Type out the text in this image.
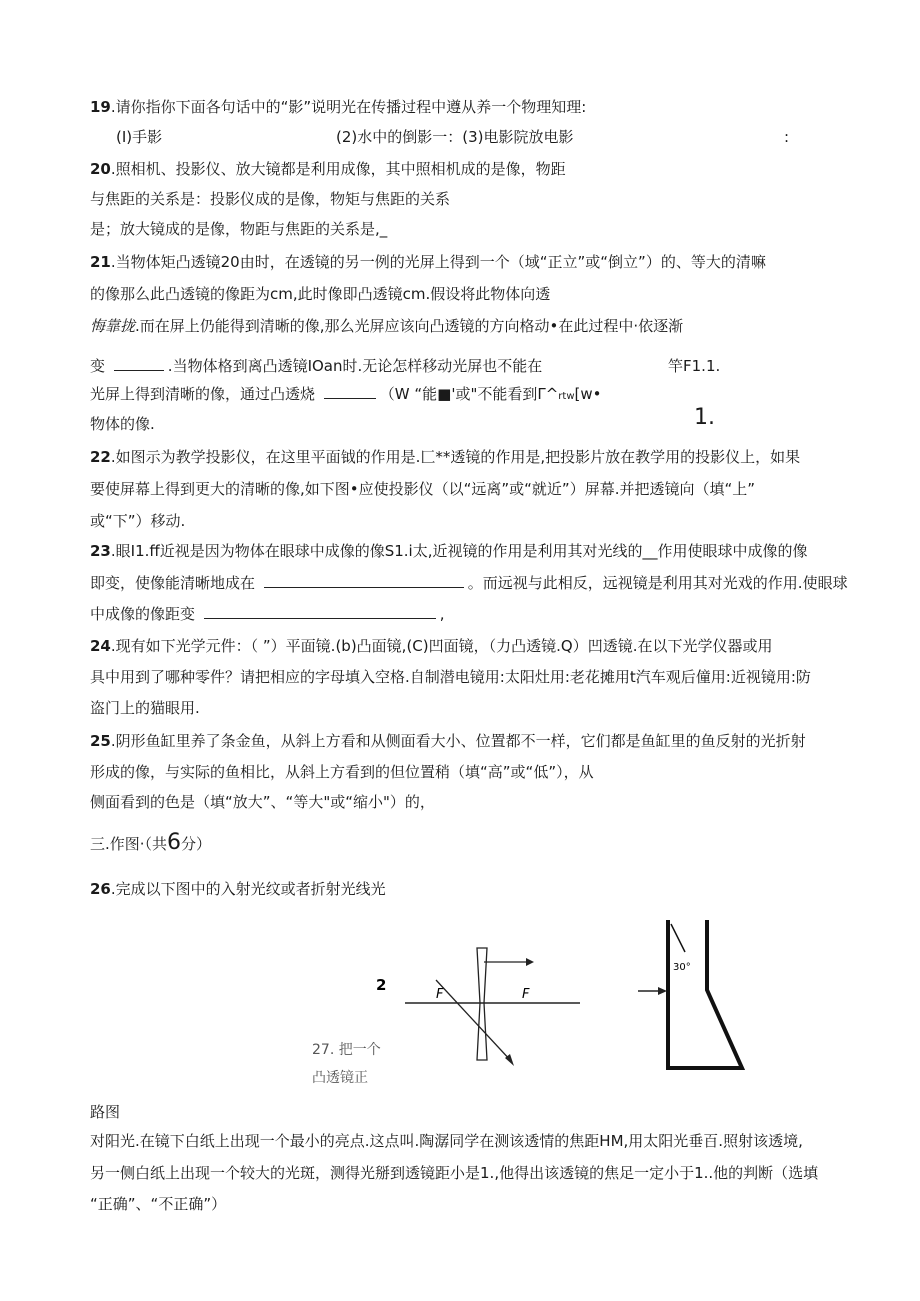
19.请你指你下面各句话中的“影”说明光在传播过程中遵从养一个物理知理:
(I)手影	(2)水中的倒影一：(3)电影院放电影	:
20.照相机、投影仪、放大镜都是利用成像，其中照相机成的是像，物距
与焦距的关系是：投影仪成的是像，物矩与焦距的关系
是；放大镜成的是像，物距与焦距的关系是,_
21.当物体矩凸透镜20由时，在透镜的另一例的光屏上得到一个（域“正立”或“倒立”）的、等大的清嘛
的像那么此凸透镜的像距为cm,此时像即凸透镜cm.假设将此物体向透
悔靠拢.而在屏上仍能得到清晰的像,那么光屏应该向凸透镜的方向格动•在此过程中·依逐渐
变	.当物体格到离凸透镜IOan时.无论怎样移动光屏也不能在	竿F1.1.
光屏上得到清晰的像，通过凸透烧	（W “能■'或"不能看到Γ^rtw[w•
物体的像.	1.
22.如图示为教学投影仪，在这里平面钺的作用是.匚**透镜的作用是,把投影片放在教学用的投影仪上，如果
要使屏幕上得到更大的清晰的像,如下图•应使投影仪（以“远离”或“就近”）屏幕.并把透镜向（填“上”
或“下”）移动.
23.眼I1.ff近视是因为物体在眼球中成像的像S1.i太,近视镜的作用是利用其对光线的__作用使眼球中成像的像
即变，使像能清晰地成在	。而远视与此相反，远视镜是利用其对光戏的作用.使眼球
中成像的像距变	,
24.现有如下光学元件：（ ”）平面镜.(b)凸面镜,(C)凹面镜，（力凸透镜.Q）凹透镜.在以下光学仪器或用
具中用到了哪种零件？请把相应的字母填入空格.自制潜电镜用:太阳灶用:老花摊用t汽车观后僮用:近视镜用:防
盗门上的猫眼用.
25.阴形鱼缸里养了条金鱼，从斜上方看和从侧面看大小、位置都不一样，它们都是鱼缸里的鱼反射的光折射
形成的像，与实际的鱼相比，从斜上方看到的但位置稍（填“高”或“低”），从
侧面看到的色是（填“放大”、“等大"或“缩小"）的，
三.作图·（共6分）
26.完成以下图中的入射光纹或者折射光线光
2
F	F
30°
27. 把一个
凸透镜正
路图
对阳光.在镜下白纸上出现一个最小的亮点.这点叫.陶潺同学在测该透情的焦距HM,用太阳光垂百.照射该透境,
另一侧白纸上出现一个较大的光斑，测得光掰到透镜距小是1.,他得出该透镜的焦足一定小于1..他的判断（选填
“正确”、“不正确”）
